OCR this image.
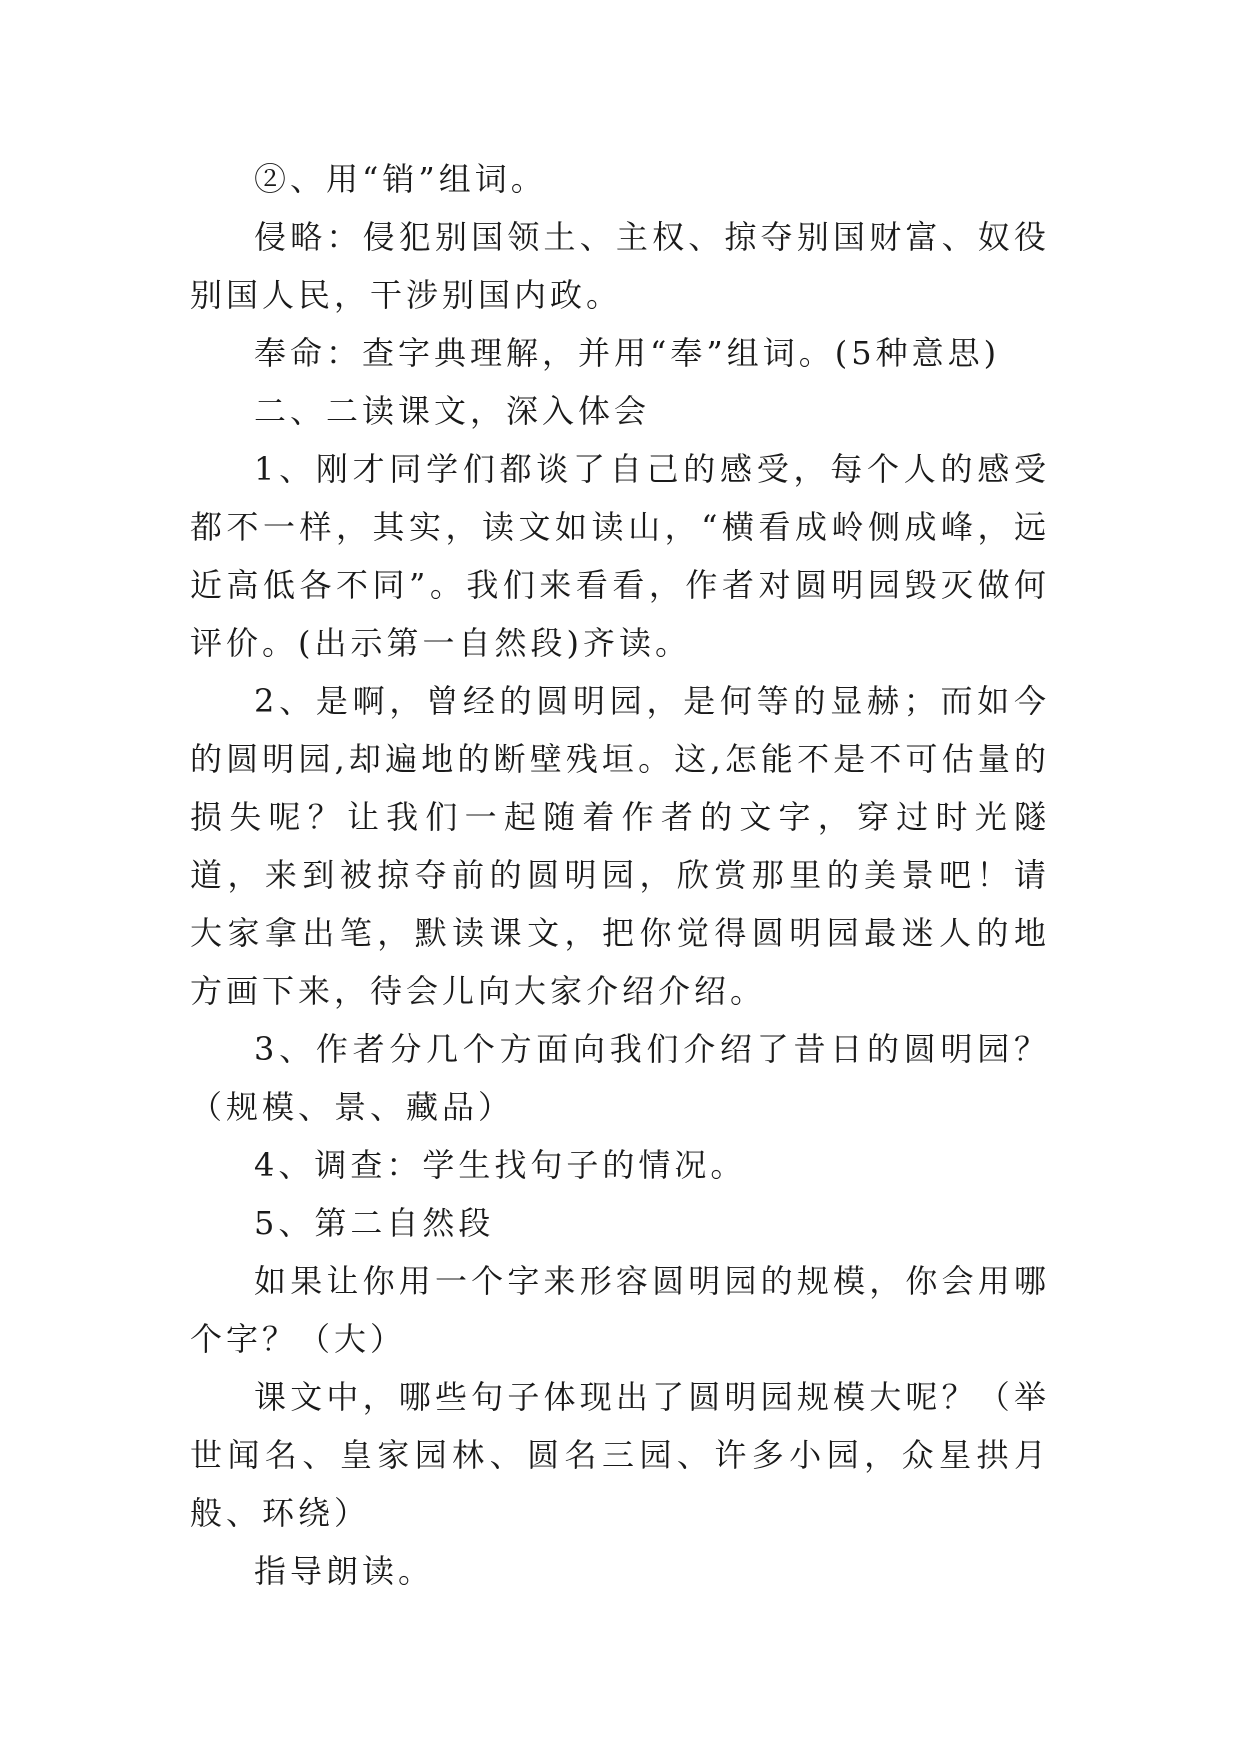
②、用“销”组词。

侵略：侵犯别国领土、主权、掠夺别国财富、奴役别国人民，干涉别国内政。

奉命：查字典理解，并用“奉”组词。(5种意思)

二、二读课文，深入体会

1、刚才同学们都谈了自己的感受，每个人的感受都不一样，其实，读文如读山，“横看成岭侧成峰，远近高低各不同”。我们来看看，作者对圆明园毁灭做何评价。(出示第一自然段)齐读。

2、是啊，曾经的圆明园，是何等的显赫；而如今的圆明园,却遍地的断壁残垣。这,怎能不是不可估量的损失呢？让我们一起随着作者的文字，穿过时光隧道，来到被掠夺前的圆明园，欣赏那里的美景吧！请大家拿出笔，默读课文，把你觉得圆明园最迷人的地方画下来，待会儿向大家介绍介绍。

3、作者分几个方面向我们介绍了昔日的圆明园？（规模、景、藏品）

4、调查：学生找句子的情况。

5、第二自然段

如果让你用一个字来形容圆明园的规模，你会用哪个字？（大）

课文中，哪些句子体现出了圆明园规模大呢？（举世闻名、皇家园林、圆名三园、许多小园，众星拱月般、环绕）

指导朗读。
